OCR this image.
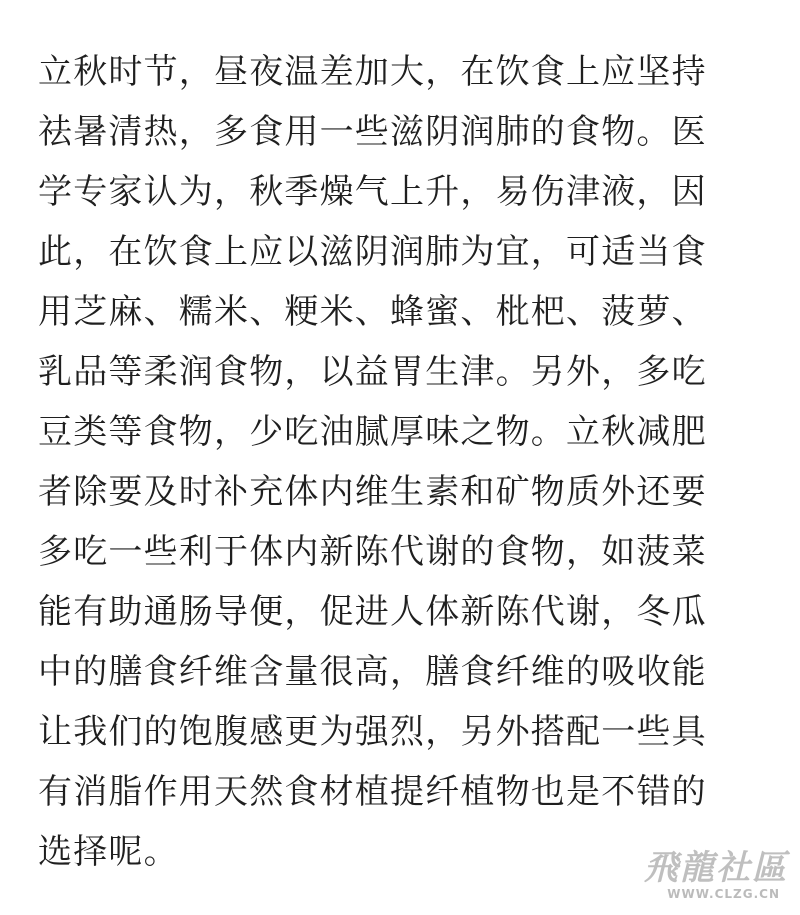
立秋时节，昼夜温差加大，在饮食上应坚持
祛暑清热，多食用一些滋阴润肺的食物。医
学专家认为，秋季燥气上升，易伤津液，因
此，在饮食上应以滋阴润肺为宜，可适当食
用芝麻、糯米、粳米、蜂蜜、枇杷、菠萝、
乳品等柔润食物，以益胃生津。另外，多吃
豆类等食物，少吃油腻厚味之物。立秋减肥
者除要及时补充体内维生素和矿物质外还要
多吃一些利于体内新陈代谢的食物，如菠菜
能有助通肠导便，促进人体新陈代谢，冬瓜
中的膳食纤维含量很高，膳食纤维的吸收能
让我们的饱腹感更为强烈，另外搭配一些具
有消脂作用天然食材植提纤植物也是不错的
选择呢。	飛龍社區
WWW.CLZG.CN
